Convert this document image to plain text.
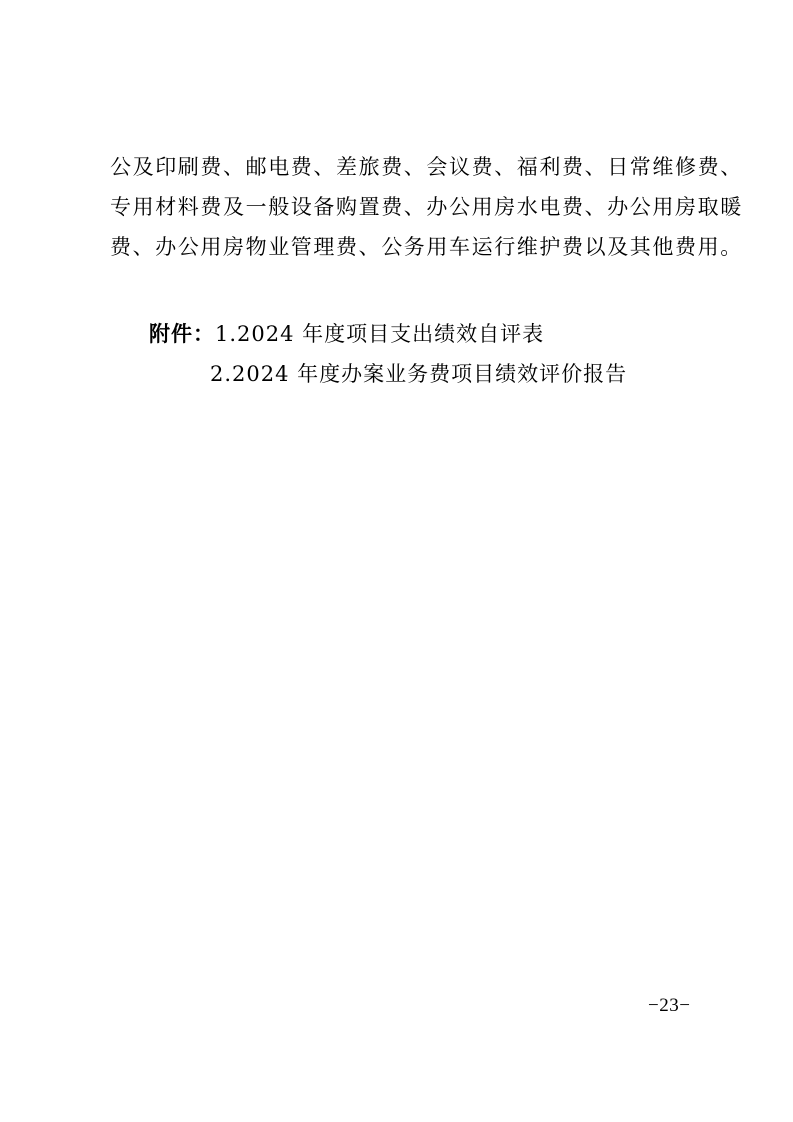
公及印刷费、邮电费、差旅费、会议费、福利费、日常维修费、
专用材料费及一般设备购置费、办公用房水电费、办公用房取暖
费、办公用房物业管理费、公务用车运行维护费以及其他费用。
附件：1.2024 年度项目支出绩效自评表
2.2024 年度办案业务费项目绩效评价报告
−23−
